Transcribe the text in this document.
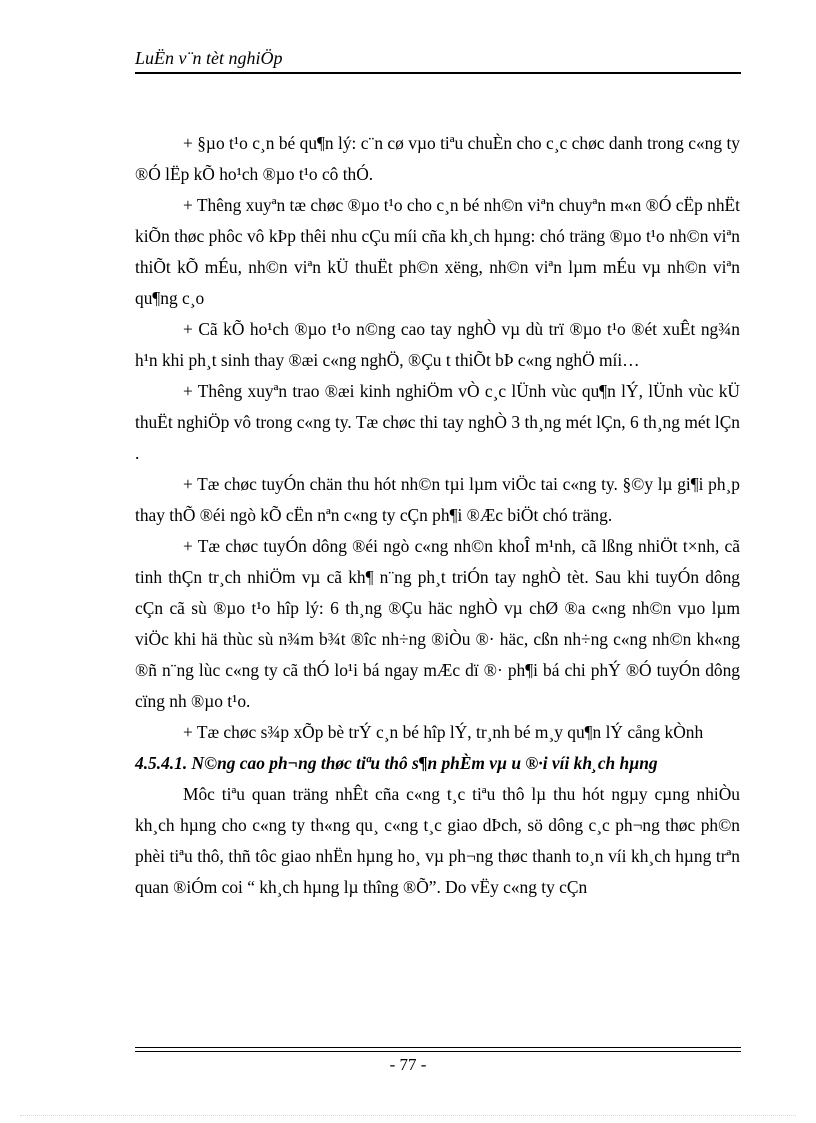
LuËn v¨n tèt nghiÖp

+ §µo t¹o c¸n bé qu¶n lý: c¨n cø vµo tiªu chuÈn cho c¸c chøc danh trong c«ng ty ®Ó lËp kÕ ho¹ch ®µo t¹o cô thÓ.

+ Thêng xuyªn tæ chøc ®µo t¹o cho c¸n bé nh©n viªn chuyªn m«n ®Ó cËp nhËt kiÕn thøc phôc vô kÞp thêi nhu cÇu míi cña kh¸ch hµng: chó träng ®µo t¹o nh©n viªn thiÕt kÕ mÉu, nh©n viªn kÜ thuËt ph©n xëng, nh©n viªn lµm mÉu vµ nh©n viªn qu¶ng c¸o

+ Cã kÕ ho¹ch ®µo t¹o n©ng cao tay nghÒ vµ dù trï ®µo t¹o ®ét xuÊt ng¾n h¹n khi ph¸t sinh thay ®æi c«ng nghÖ, ®Çu t thiÕt bÞ c«ng nghÖ míi…

+ Thêng xuyªn trao ®æi kinh nghiÖm vÒ c¸c lÜnh vùc qu¶n lÝ, lÜnh vùc kÜ thuËt nghiÖp vô trong c«ng ty. Tæ chøc thi tay nghÒ 3 th¸ng mét lÇn, 6 th¸ng mét lÇn .

+ Tæ chøc tuyÓn chän thu hót nh©n tµi lµm viÖc tai c«ng ty. §©y lµ gi¶i ph¸p thay thÕ ®éi ngò kÕ cËn nªn c«ng ty cÇn ph¶i ®Æc biÖt chó träng.

+ Tæ chøc tuyÓn dông ®éi ngò c«ng nh©n khoÎ m¹nh, cã lßng nhiÖt t×nh, cã tinh thÇn tr¸ch nhiÖm vµ cã kh¶ n¨ng ph¸t triÓn tay nghÒ tèt. Sau khi tuyÓn dông cÇn cã sù ®µo t¹o hîp lý: 6 th¸ng ®Çu häc nghÒ vµ chØ ®a c«ng nh©n vµo lµm viÖc khi hä thùc sù n¾m b¾t ®îc nh÷ng ®iÒu ®· häc, cßn nh÷ng c«ng nh©n kh«ng ®ñ n¨ng lùc c«ng ty cã thÓ lo¹i bá ngay mÆc dï ®· ph¶i bá chi phÝ ®Ó tuyÓn dông cïng nh ®µo t¹o.

+ Tæ chøc s¾p xÕp bè trÝ c¸n bé hîp lÝ, tr¸nh bé m¸y qu¶n lÝ cång kÒnh

4.5.4.1. N©ng cao ph¬ng thøc tiªu thô s¶n phÈm vµ u ®·i víi kh¸ch hµng

Môc tiªu quan träng nhÊt cña c«ng t¸c tiªu thô lµ thu hót ngµy cµng nhiÒu kh¸ch hµng cho c«ng ty th«ng qu¸ c«ng t¸c giao dÞch, sö dông c¸c ph¬ng thøc ph©n phèi tiªu thô, thñ tôc giao nhËn hµng ho¸ vµ ph¬ng thøc thanh to¸n víi kh¸ch hµng trªn quan ®iÓm coi “ kh¸ch hµng lµ thîng ®Õ”. Do vËy c«ng ty cÇn

- 77 -
